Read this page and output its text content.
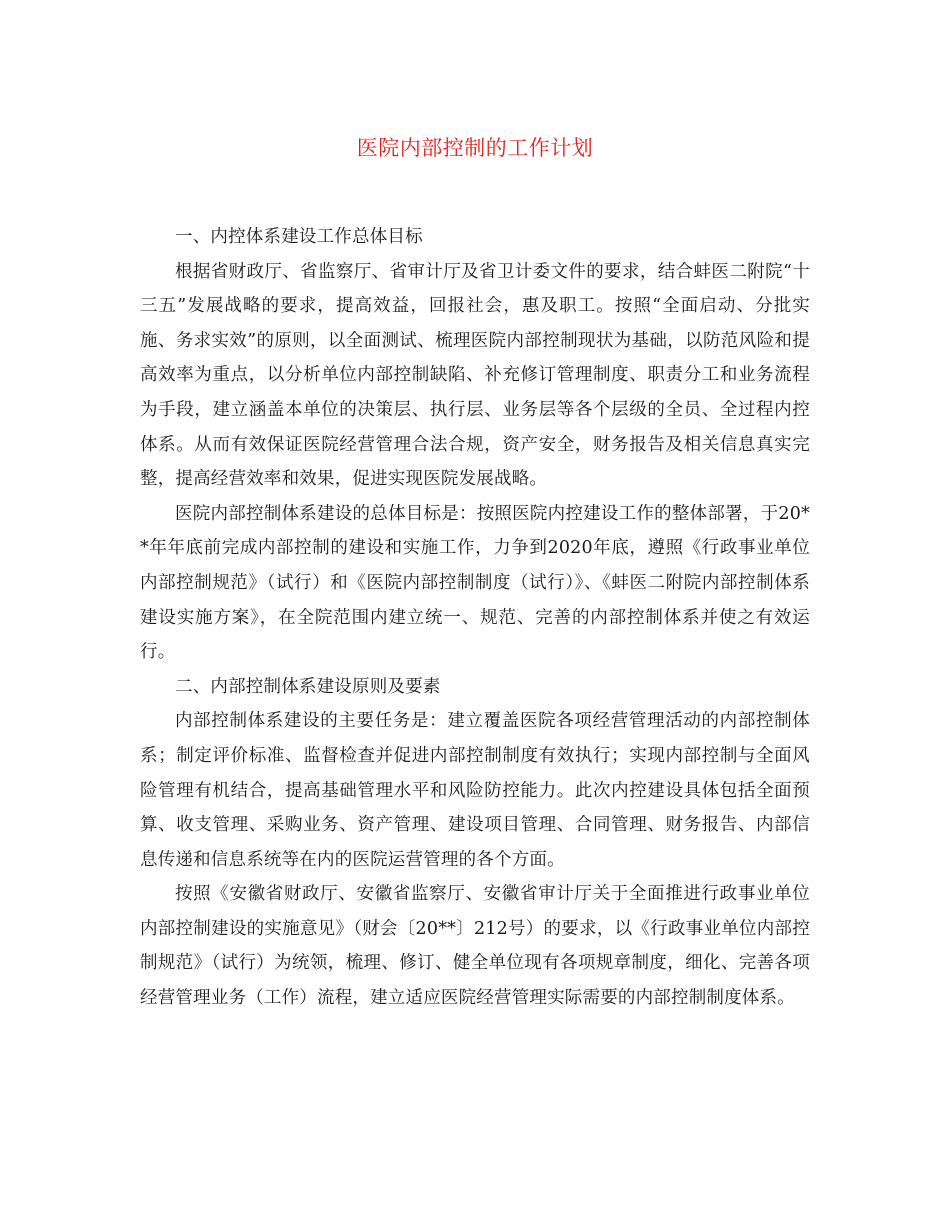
医院内部控制的工作计划

一、内控体系建设工作总体目标

根据省财政厅、省监察厅、省审计厅及省卫计委文件的要求，结合蚌医二附院“十三五”发展战略的要求，提高效益，回报社会，惠及职工。按照“全面启动、分批实施、务求实效”的原则，以全面测试、梳理医院内部控制现状为基础，以防范风险和提高效率为重点，以分析单位内部控制缺陷、补充修订管理制度、职责分工和业务流程为手段，建立涵盖本单位的决策层、执行层、业务层等各个层级的全员、全过程内控体系。从而有效保证医院经营管理合法合规，资产安全，财务报告及相关信息真实完整，提高经营效率和效果，促进实现医院发展战略。

医院内部控制体系建设的总体目标是：按照医院内控建设工作的整体部署，于20**年年底前完成内部控制的建设和实施工作，力争到2020年底，遵照《行政事业单位内部控制规范》（试行）和《医院内部控制制度（试行）》、《蚌医二附院内部控制体系建设实施方案》，在全院范围内建立统一、规范、完善的内部控制体系并使之有效运行。

二、内部控制体系建设原则及要素

内部控制体系建设的主要任务是：建立覆盖医院各项经营管理活动的内部控制体系；制定评价标准、监督检查并促进内部控制制度有效执行；实现内部控制与全面风险管理有机结合，提高基础管理水平和风险防控能力。此次内控建设具体包括全面预算、收支管理、采购业务、资产管理、建设项目管理、合同管理、财务报告、内部信息传递和信息系统等在内的医院运营管理的各个方面。

按照《安徽省财政厅、安徽省监察厅、安徽省审计厅关于全面推进行政事业单位内部控制建设的实施意见》（财会〔20**〕212号）的要求，以《行政事业单位内部控制规范》（试行）为统领，梳理、修订、健全单位现有各项规章制度，细化、完善各项经营管理业务（工作）流程，建立适应医院经营管理实际需要的内部控制制度体系。
